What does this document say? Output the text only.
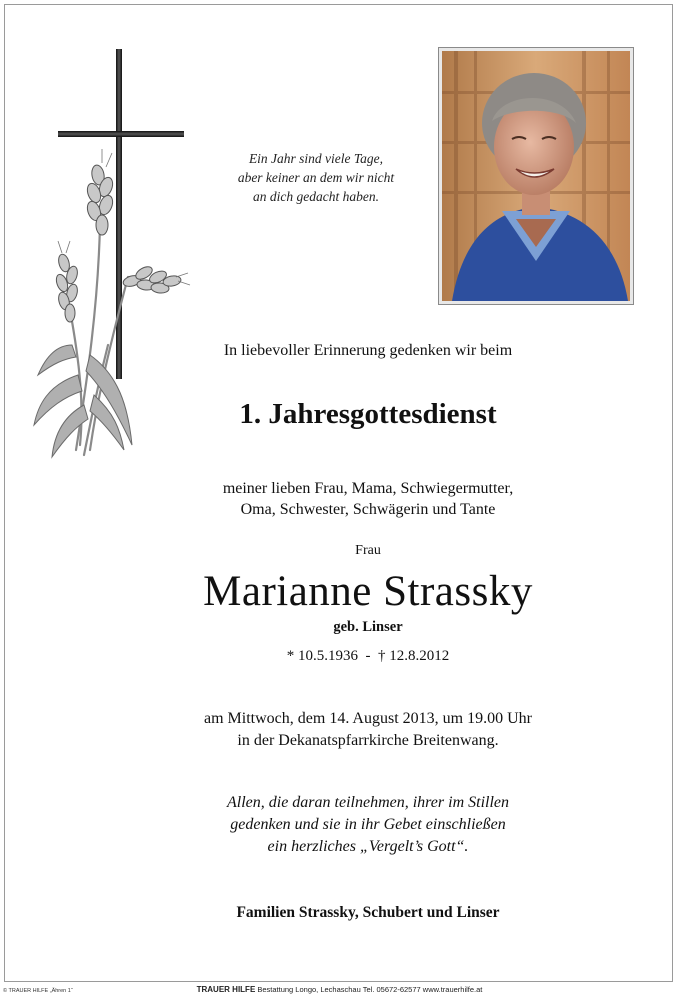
Ein Jahr sind viele Tage,
aber keiner an dem wir nicht
an dich gedacht haben.
In liebevoller Erinnerung gedenken wir beim
1. Jahresgottesdienst
meiner lieben Frau, Mama, Schwiegermutter,
Oma, Schwester, Schwägerin und Tante
Frau
Marianne Strassky
geb. Linser
* 10.5.1936  -  † 12.8.2012
am Mittwoch, dem 14. August 2013, um 19.00 Uhr
in der Dekanatspfarrkirche Breitenwang.
Allen, die daran teilnehmen, ihrer im Stillen
gedenken und sie in ihr Gebet einschließen
ein herzliches „Vergelt’s Gott“.
Familien Strassky, Schubert und Linser
© TRAUER HILFE „Ähren 1“	TRAUER HILFE Bestattung Longo, Lechaschau Tel. 05672-62577 www.trauerhilfe.at
